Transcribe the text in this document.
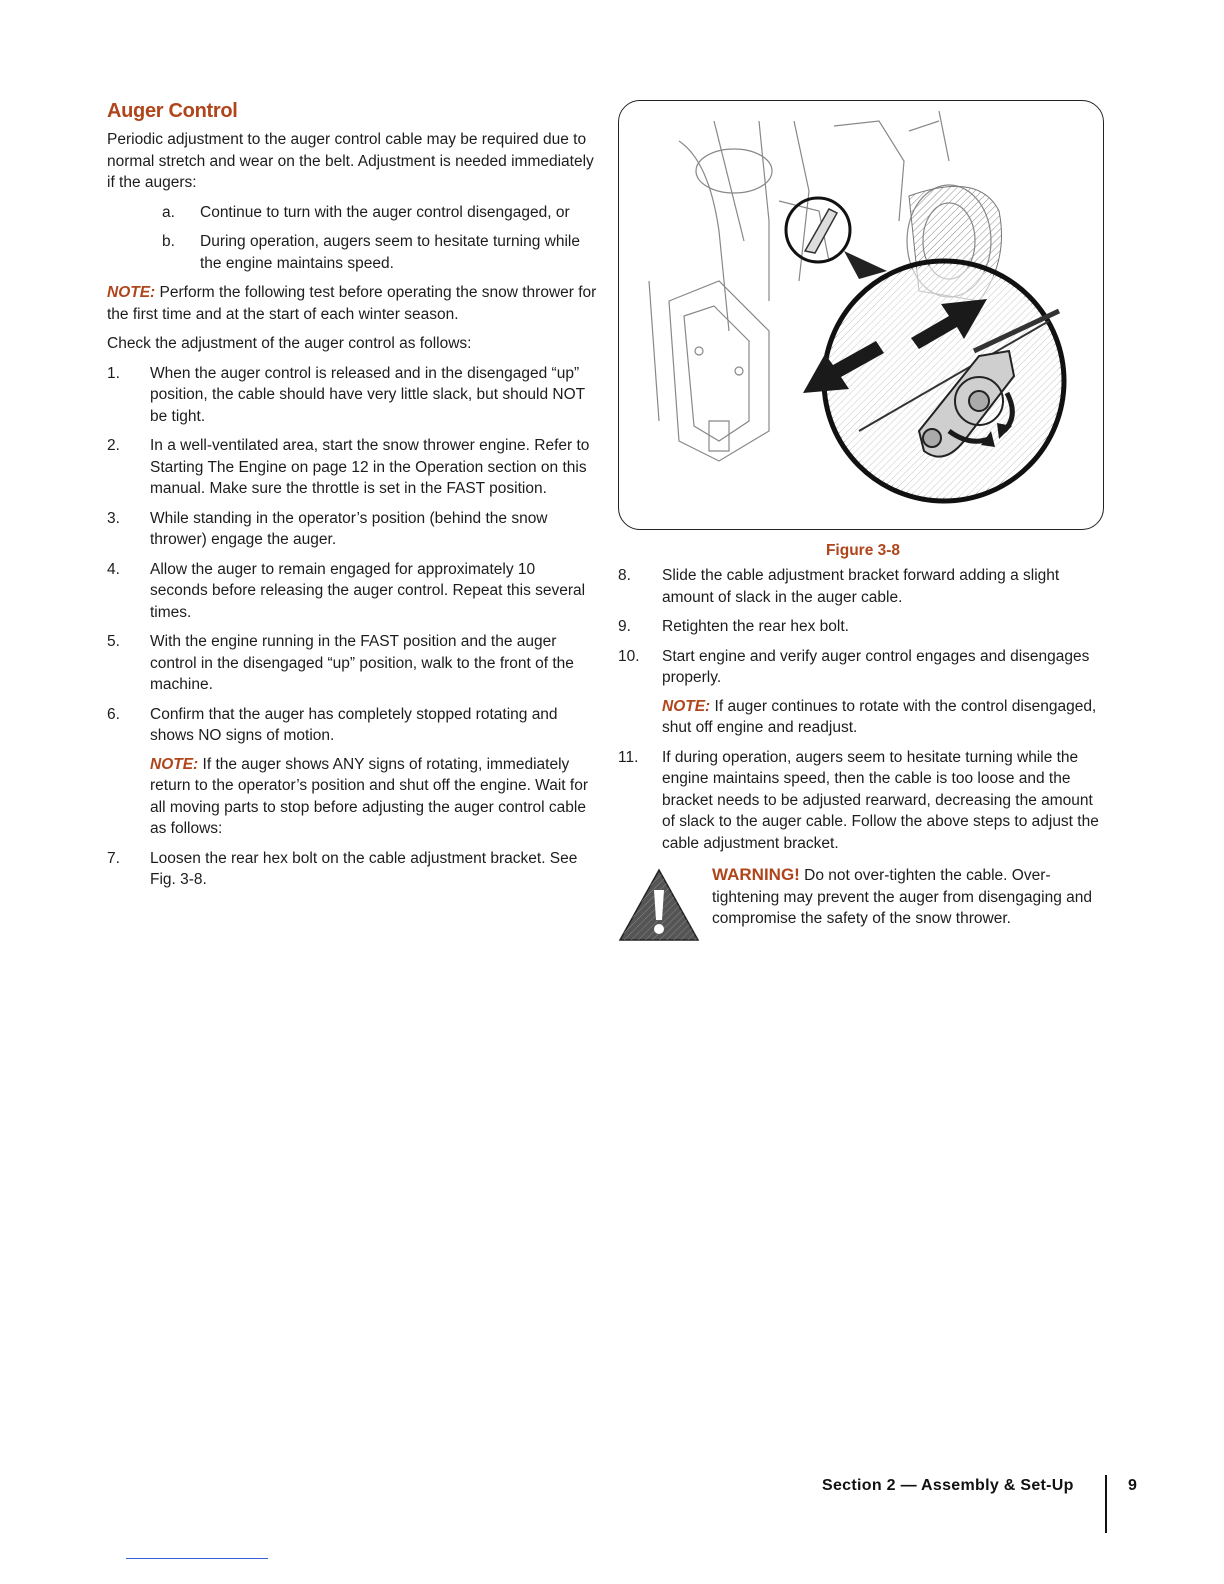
Auger Control

Periodic adjustment to the auger control cable may be required due to normal stretch and wear on the belt. Adjustment is needed immediately if the augers:

a. Continue to turn with the auger control disengaged, or
b. During operation, augers seem to hesitate turning while the engine maintains speed.

NOTE: Perform the following test before operating the snow thrower for the first time and at the start of each winter season.

Check the adjustment of the auger control as follows:

1. When the auger control is released and in the disengaged “up” position, the cable should have very little slack, but should NOT be tight.
2. In a well-ventilated area, start the snow thrower engine. Refer to Starting The Engine on page 12 in the Operation section on this manual. Make sure the throttle is set in the FAST position.
3. While standing in the operator’s position (behind the snow thrower) engage the auger.
4. Allow the auger to remain engaged for approximately 10 seconds before releasing the auger control. Repeat this several times.
5. With the engine running in the FAST position and the auger control in the disengaged “up” position, walk to the front of the machine.
6. Confirm that the auger has completely stopped rotating and shows NO signs of motion.
NOTE: If the auger shows ANY signs of rotating, immediately return to the operator’s position and shut off the engine. Wait for all moving parts to stop before adjusting the auger control cable as follows:
7. Loosen the rear hex bolt on the cable adjustment bracket. See Fig. 3-8.
Figure 3-8
8. Slide the cable adjustment bracket forward adding a slight amount of slack in the auger cable.
9. Retighten the rear hex bolt.
10. Start engine and verify auger control engages and disengages properly.
NOTE: If auger continues to rotate with the control disengaged, shut off engine and readjust.
11. If during operation, augers seem to hesitate turning while the engine maintains speed, then the cable is too loose and the bracket needs to be adjusted rearward, decreasing the amount of slack to the auger cable. Follow the above steps to adjust the cable adjustment bracket.

WARNING! Do not over-tighten the cable. Over-tightening may prevent the auger from disengaging and compromise the safety of the snow thrower.

Section 2 — Assembly & Set-Up	9
